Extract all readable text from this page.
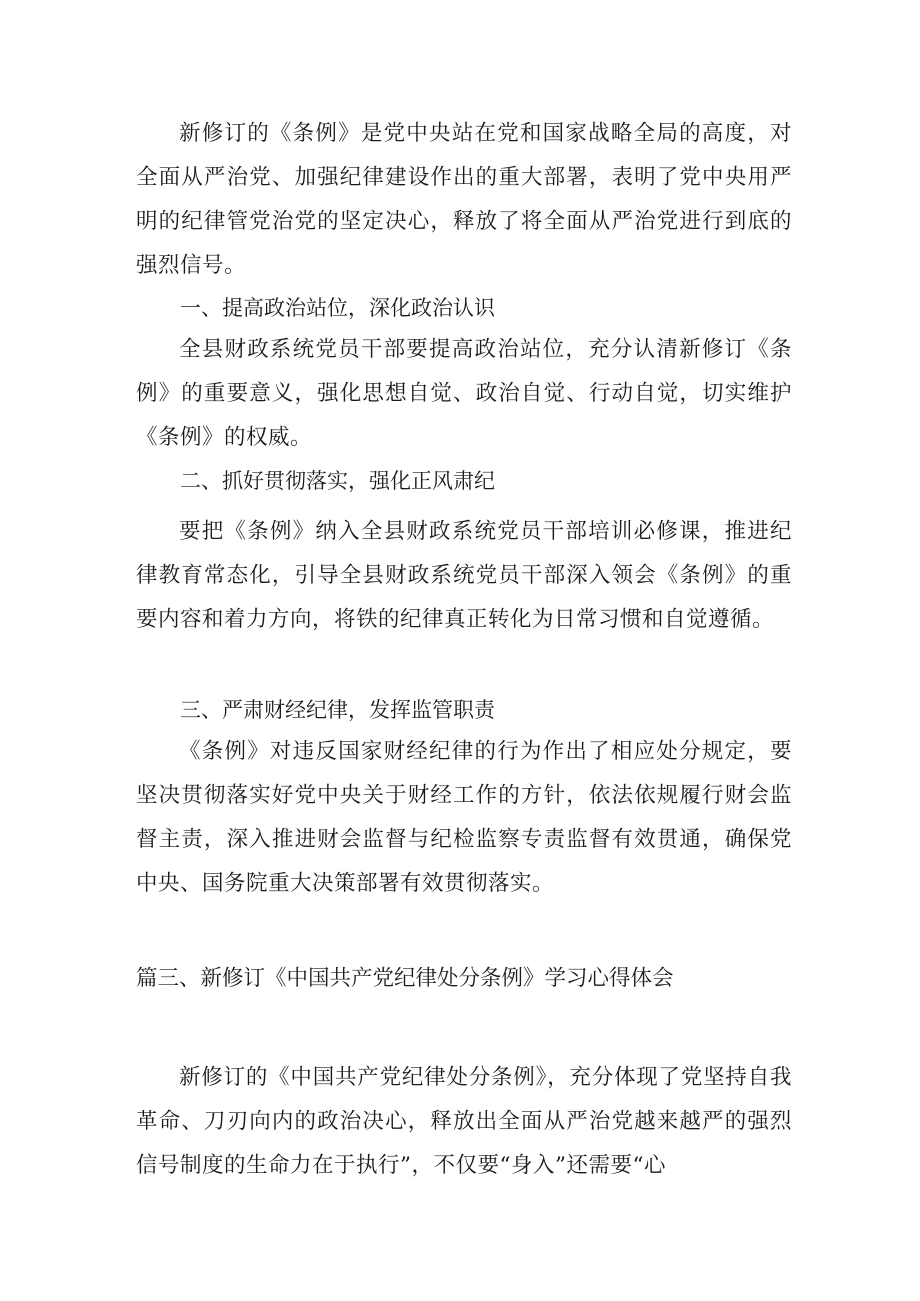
新修订的《条例》是党中央站在党和国家战略全局的高度，对全面从严治党、加强纪律建设作出的重大部署，表明了党中央用严明的纪律管党治党的坚定决心，释放了将全面从严治党进行到底的强烈信号。

一、提高政治站位，深化政治认识

全县财政系统党员干部要提高政治站位，充分认清新修订《条例》的重要意义，强化思想自觉、政治自觉、行动自觉，切实维护《条例》的权威。

二、抓好贯彻落实，强化正风肃纪

要把《条例》纳入全县财政系统党员干部培训必修课，推进纪律教育常态化，引导全县财政系统党员干部深入领会《条例》的重要内容和着力方向，将铁的纪律真正转化为日常习惯和自觉遵循。

三、严肃财经纪律，发挥监管职责

《条例》对违反国家财经纪律的行为作出了相应处分规定，要坚决贯彻落实好党中央关于财经工作的方针，依法依规履行财会监督主责，深入推进财会监督与纪检监察专责监督有效贯通，确保党中央、国务院重大决策部署有效贯彻落实。

篇三、新修订《中国共产党纪律处分条例》学习心得体会

新修订的《中国共产党纪律处分条例》，充分体现了党坚持自我革命、刀刃向内的政治决心，释放出全面从严治党越来越严的强烈信号制度的生命力在于执行”，不仅要“身入”还需要“心
